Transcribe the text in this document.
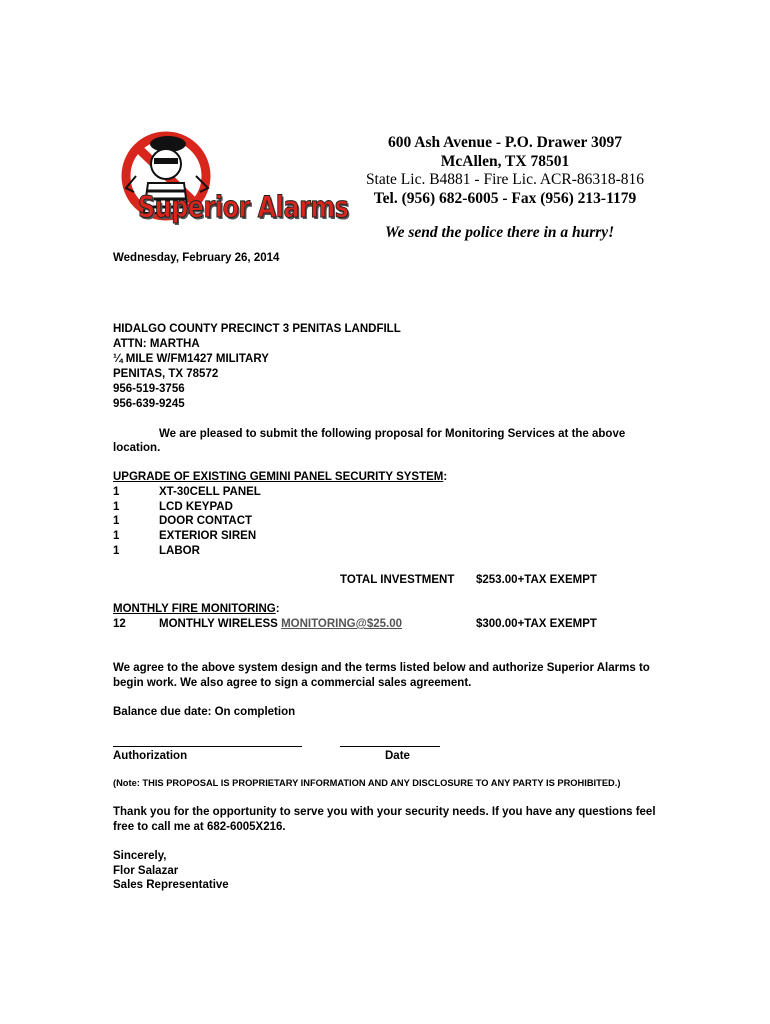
Superior Alarms
600 Ash Avenue - P.O. Drawer 3097
McAllen, TX 78501
State Lic. B4881 - Fire Lic. ACR-86318-816
Tel. (956) 682-6005 - Fax (956) 213-1179
We send the police there in a hurry!
Wednesday, February 26, 2014
HIDALGO COUNTY PRECINCT 3 PENITAS LANDFILL
ATTN: MARTHA
¼ MILE W/FM1427 MILITARY
PENITAS, TX 78572
956-519-3756
956-639-9245
We are pleased to submit the following proposal for Monitoring Services at the above
location.
UPGRADE OF EXISTING GEMINI PANEL SECURITY SYSTEM:
1	XT-30CELL PANEL
1	LCD KEYPAD
1	DOOR CONTACT
1	EXTERIOR SIREN
1	LABOR
TOTAL INVESTMENT $253.00+TAX EXEMPT
MONTHLY FIRE MONITORING:
12	MONTHLY WIRELESS MONITORING@$25.00	$300.00+TAX EXEMPT
We agree to the above system design and the terms listed below and authorize Superior Alarms to
begin work. We also agree to sign a commercial sales agreement.
Balance due date: On completion
Authorization	Date
(Note: THIS PROPOSAL IS PROPRIETARY INFORMATION AND ANY DISCLOSURE TO ANY PARTY IS PROHIBITED.)
Thank you for the opportunity to serve you with your security needs. If you have any questions feel
free to call me at 682-6005X216.
Sincerely,
Flor Salazar
Sales Representative
